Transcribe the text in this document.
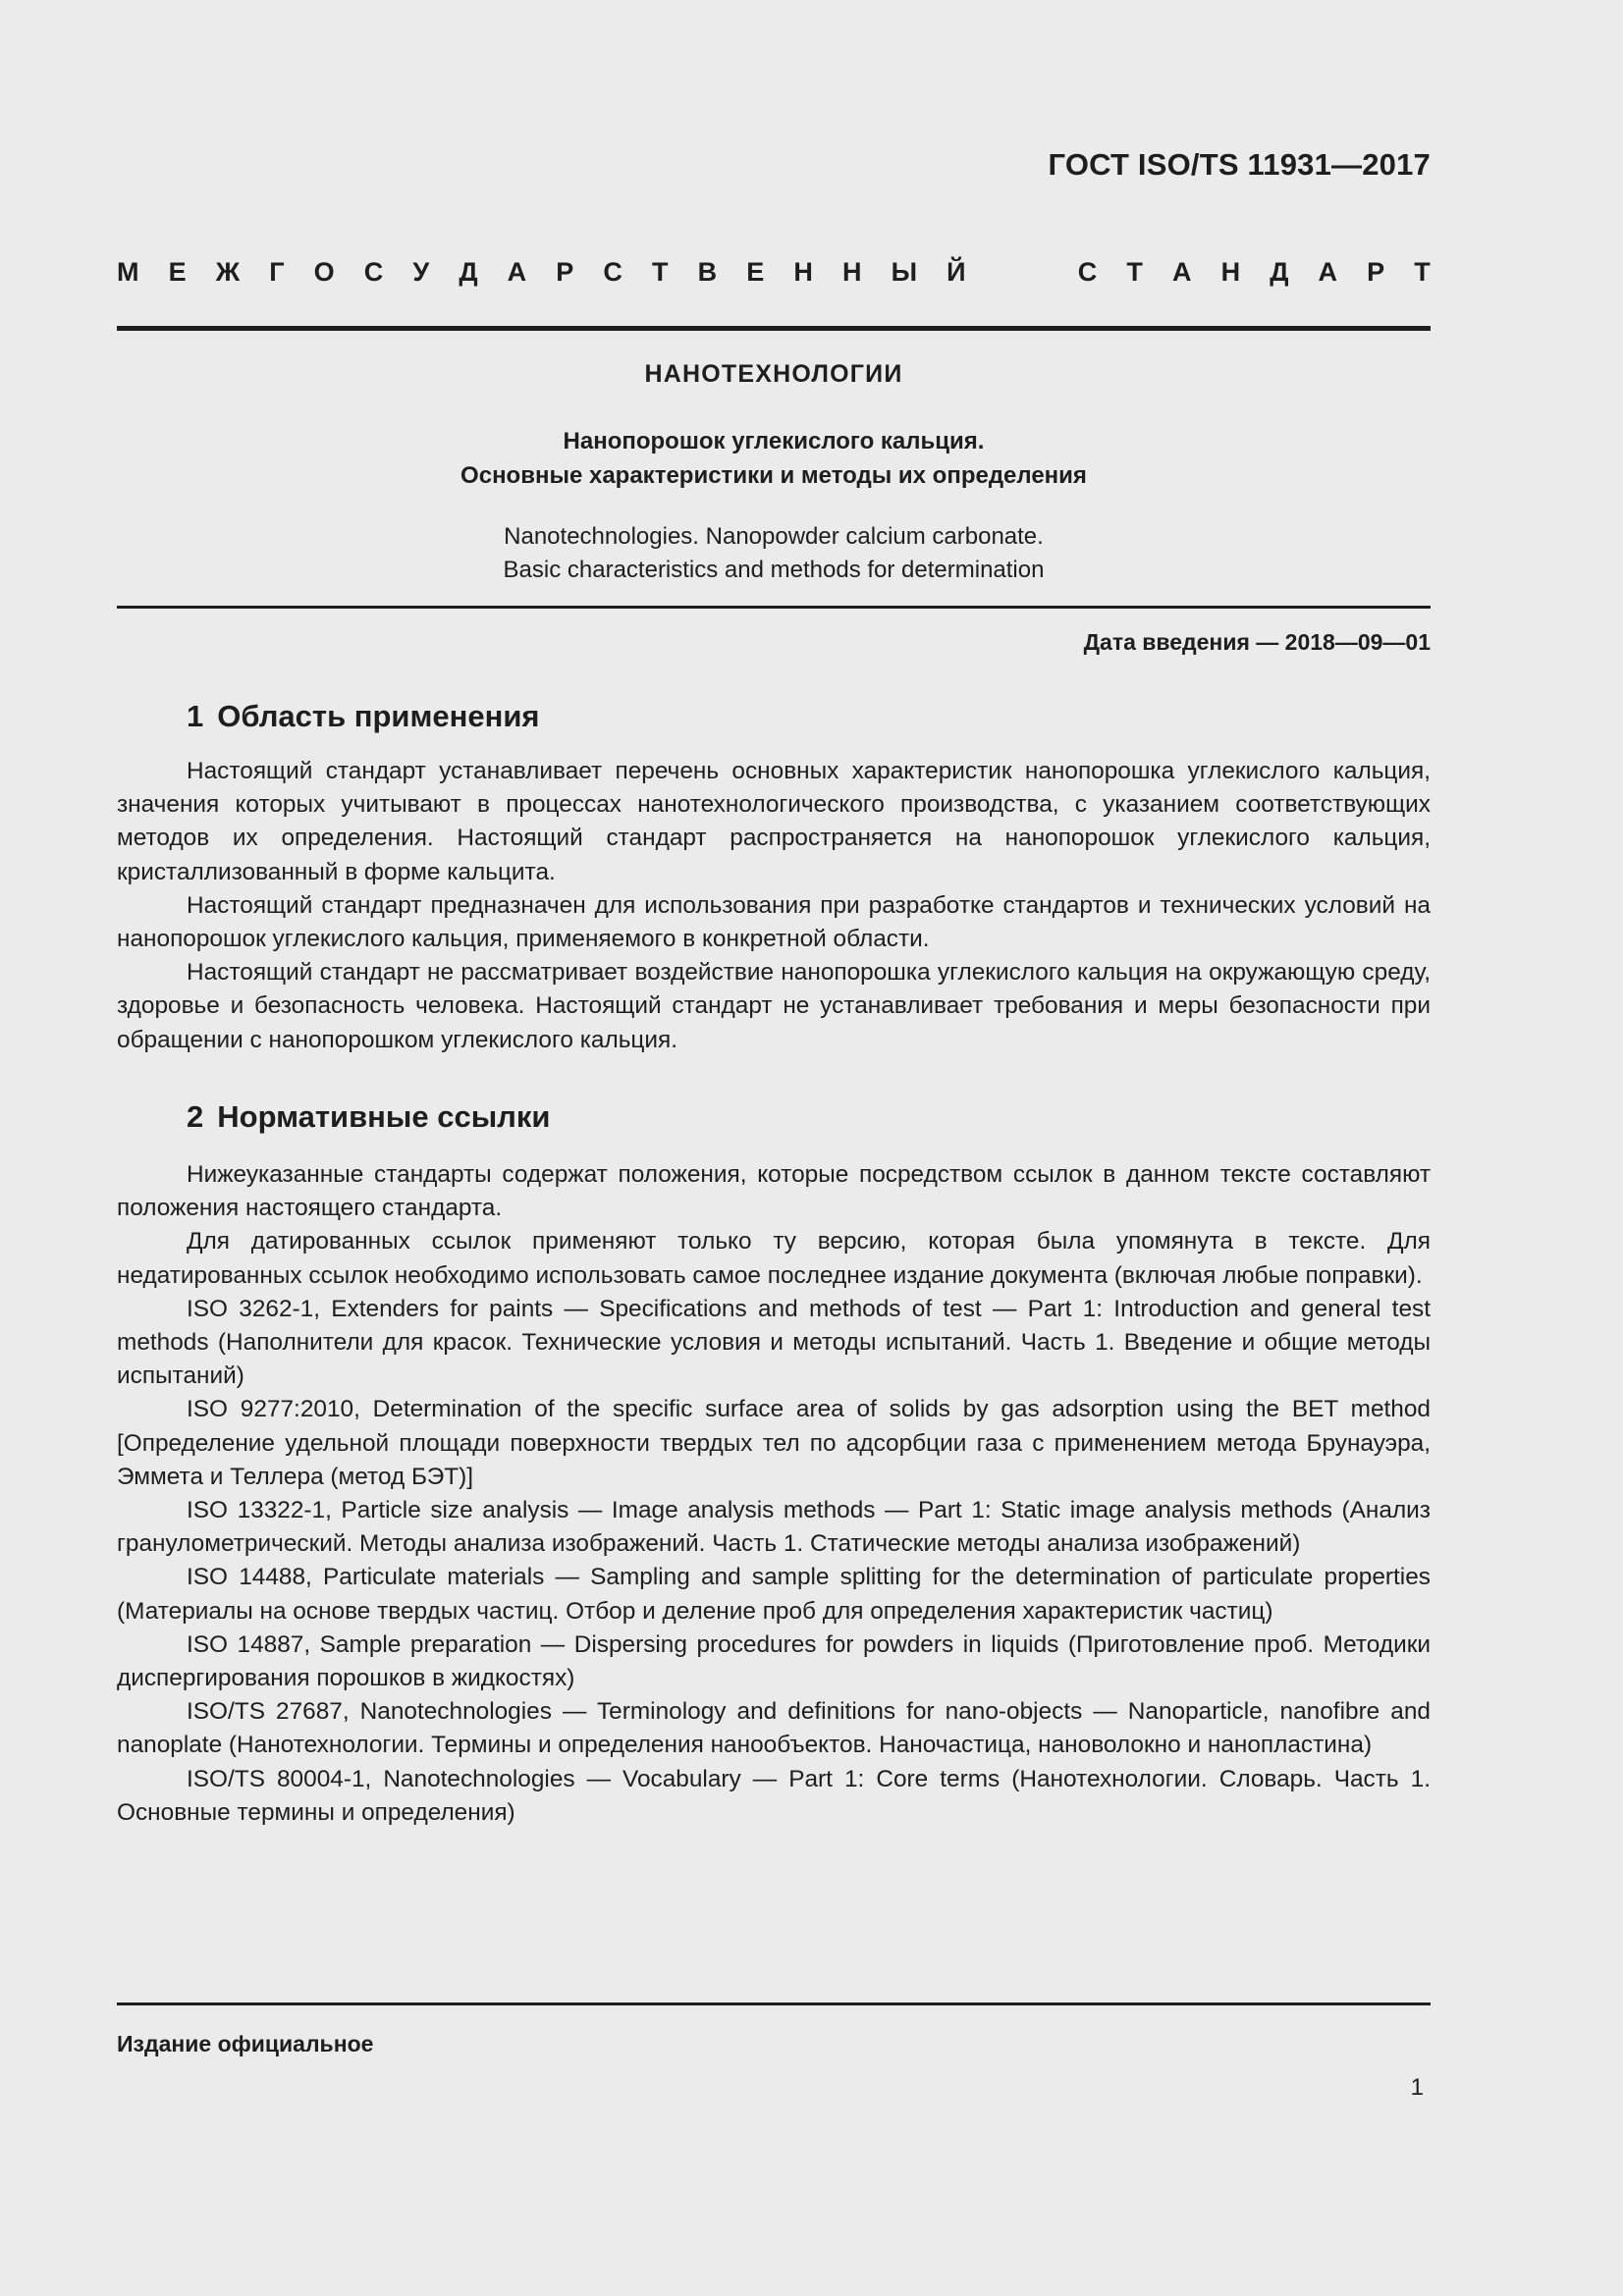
ГОСТ ISO/TS 11931—2017
М Е Ж Г О С У Д А Р С Т В Е Н Н Ы Й	С Т А Н Д А Р Т
НАНОТЕХНОЛОГИИ
Нанопорошок углекислого кальция.
Основные характеристики и методы их определения
Nanotechnologies. Nanopowder calcium carbonate.
Basic characteristics and methods for determination
Дата введения — 2018—09—01
1 Область применения

Настоящий стандарт устанавливает перечень основных характеристик нанопорошка углекислого кальция, значения которых учитывают в процессах нанотехнологического производства, с указанием соответствующих методов их определения. Настоящий стандарт распространяется на нанопорошок углекислого кальция, кристаллизованный в форме кальцита.

Настоящий стандарт предназначен для использования при разработке стандартов и технических условий на нанопорошок углекислого кальция, применяемого в конкретной области.

Настоящий стандарт не рассматривает воздействие нанопорошка углекислого кальция на окружающую среду, здоровье и безопасность человека. Настоящий стандарт не устанавливает требования и меры безопасности при обращении с нанопорошком углекислого кальция.

2 Нормативные ссылки

Нижеуказанные стандарты содержат положения, которые посредством ссылок в данном тексте составляют положения настоящего стандарта.

Для датированных ссылок применяют только ту версию, которая была упомянута в тексте. Для недатированных ссылок необходимо использовать самое последнее издание документа (включая любые поправки).

ISO 3262-1, Extenders for paints — Specifications and methods of test — Part 1: Introduction and general test methods (Наполнители для красок. Технические условия и методы испытаний. Часть 1. Введение и общие методы испытаний)

ISO 9277:2010, Determination of the specific surface area of solids by gas adsorption using the BET method [Определение удельной площади поверхности твердых тел по адсорбции газа с применением метода Брунауэра, Эммета и Теллера (метод БЭТ)]

ISO 13322-1, Particle size analysis — Image analysis methods — Part 1: Static image analysis methods (Анализ гранулометрический. Методы анализа изображений. Часть 1. Статические методы анализа изображений)

ISO 14488, Particulate materials — Sampling and sample splitting for the determination of particulate properties (Материалы на основе твердых частиц. Отбор и деление проб для определения характеристик частиц)

ISO 14887, Sample preparation — Dispersing procedures for powders in liquids (Приготовление проб. Методики диспергирования порошков в жидкостях)

ISO/TS 27687, Nanotechnologies — Terminology and definitions for nano-objects — Nanoparticle, nanofibre and nanoplate (Нанотехнологии. Термины и определения нанообъектов. Наночастица, нановолокно и нанопластина)

ISO/TS 80004-1, Nanotechnologies — Vocabulary — Part 1: Core terms (Нанотехнологии. Словарь. Часть 1. Основные термины и определения)

Издание официальное
1
